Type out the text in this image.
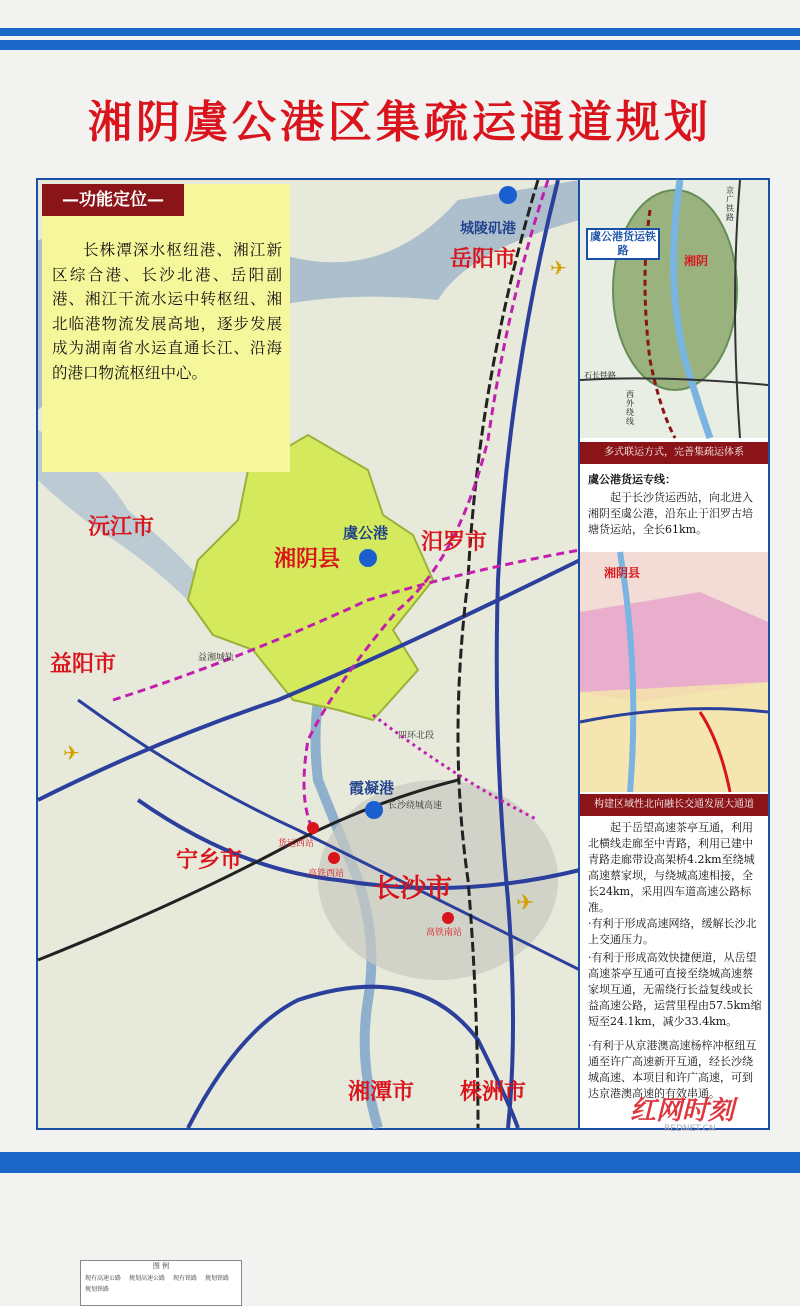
湘阴虞公港区集疏运通道规划
✈
✈
✈
城陵矶港
岳阳市
沅江市	虞公港
湘阴县
汨罗市
益阳市
霞凝港
宁乡市
长沙市
湘潭市 株洲市
货运西站
高铁西站
高铁南站
四环北段
长沙绕城高速
益湘城轨
图 例
现有高速公路 规划高速公路 现有铁路 规划铁路
规划铁路
—功能定位—
长株潭深水枢纽港、湘江新区综合港、长沙北港、岳阳副港、湘江干流水运中转枢纽、湘北临港物流发展高地，逐步发展成为湖南省水运直通长江、沿海的港口物流枢纽中心。
虞公港货运铁路
湘阴
京广铁路
石长铁路
西外绕线
多式联运方式，完善集疏运体系
虞公港货运专线：
起于长沙货运西站，向北进入湘阴至虞公港，沿东止于汨罗古培塘货运站，全长61km。
湘阴县
构建区域性北向融长交通发展大通道
起于岳望高速茶亭互通，利用北横线走廊至中青路，利用已建中青路走廊带设高架桥4.2km至绕城高速蔡家坝，与绕城高速相接，全长24km，采用四车道高速公路标准。
·有利于形成高速网络，缓解长沙北上交通压力。
·有利于形成高效快捷便道，从岳望高速茶亭互通可直接至绕城高速蔡家坝互通，无需绕行长益复线或长益高速公路，运营里程由57.5km缩短至24.1km，减少33.4km。
·有利于从京港澳高速杨梓冲枢纽互通至许广高速新开互通，经长沙绕城高速、本项目和许广高速，可到达京港澳高速的有效串通。
红网时刻
REDNET.CN
